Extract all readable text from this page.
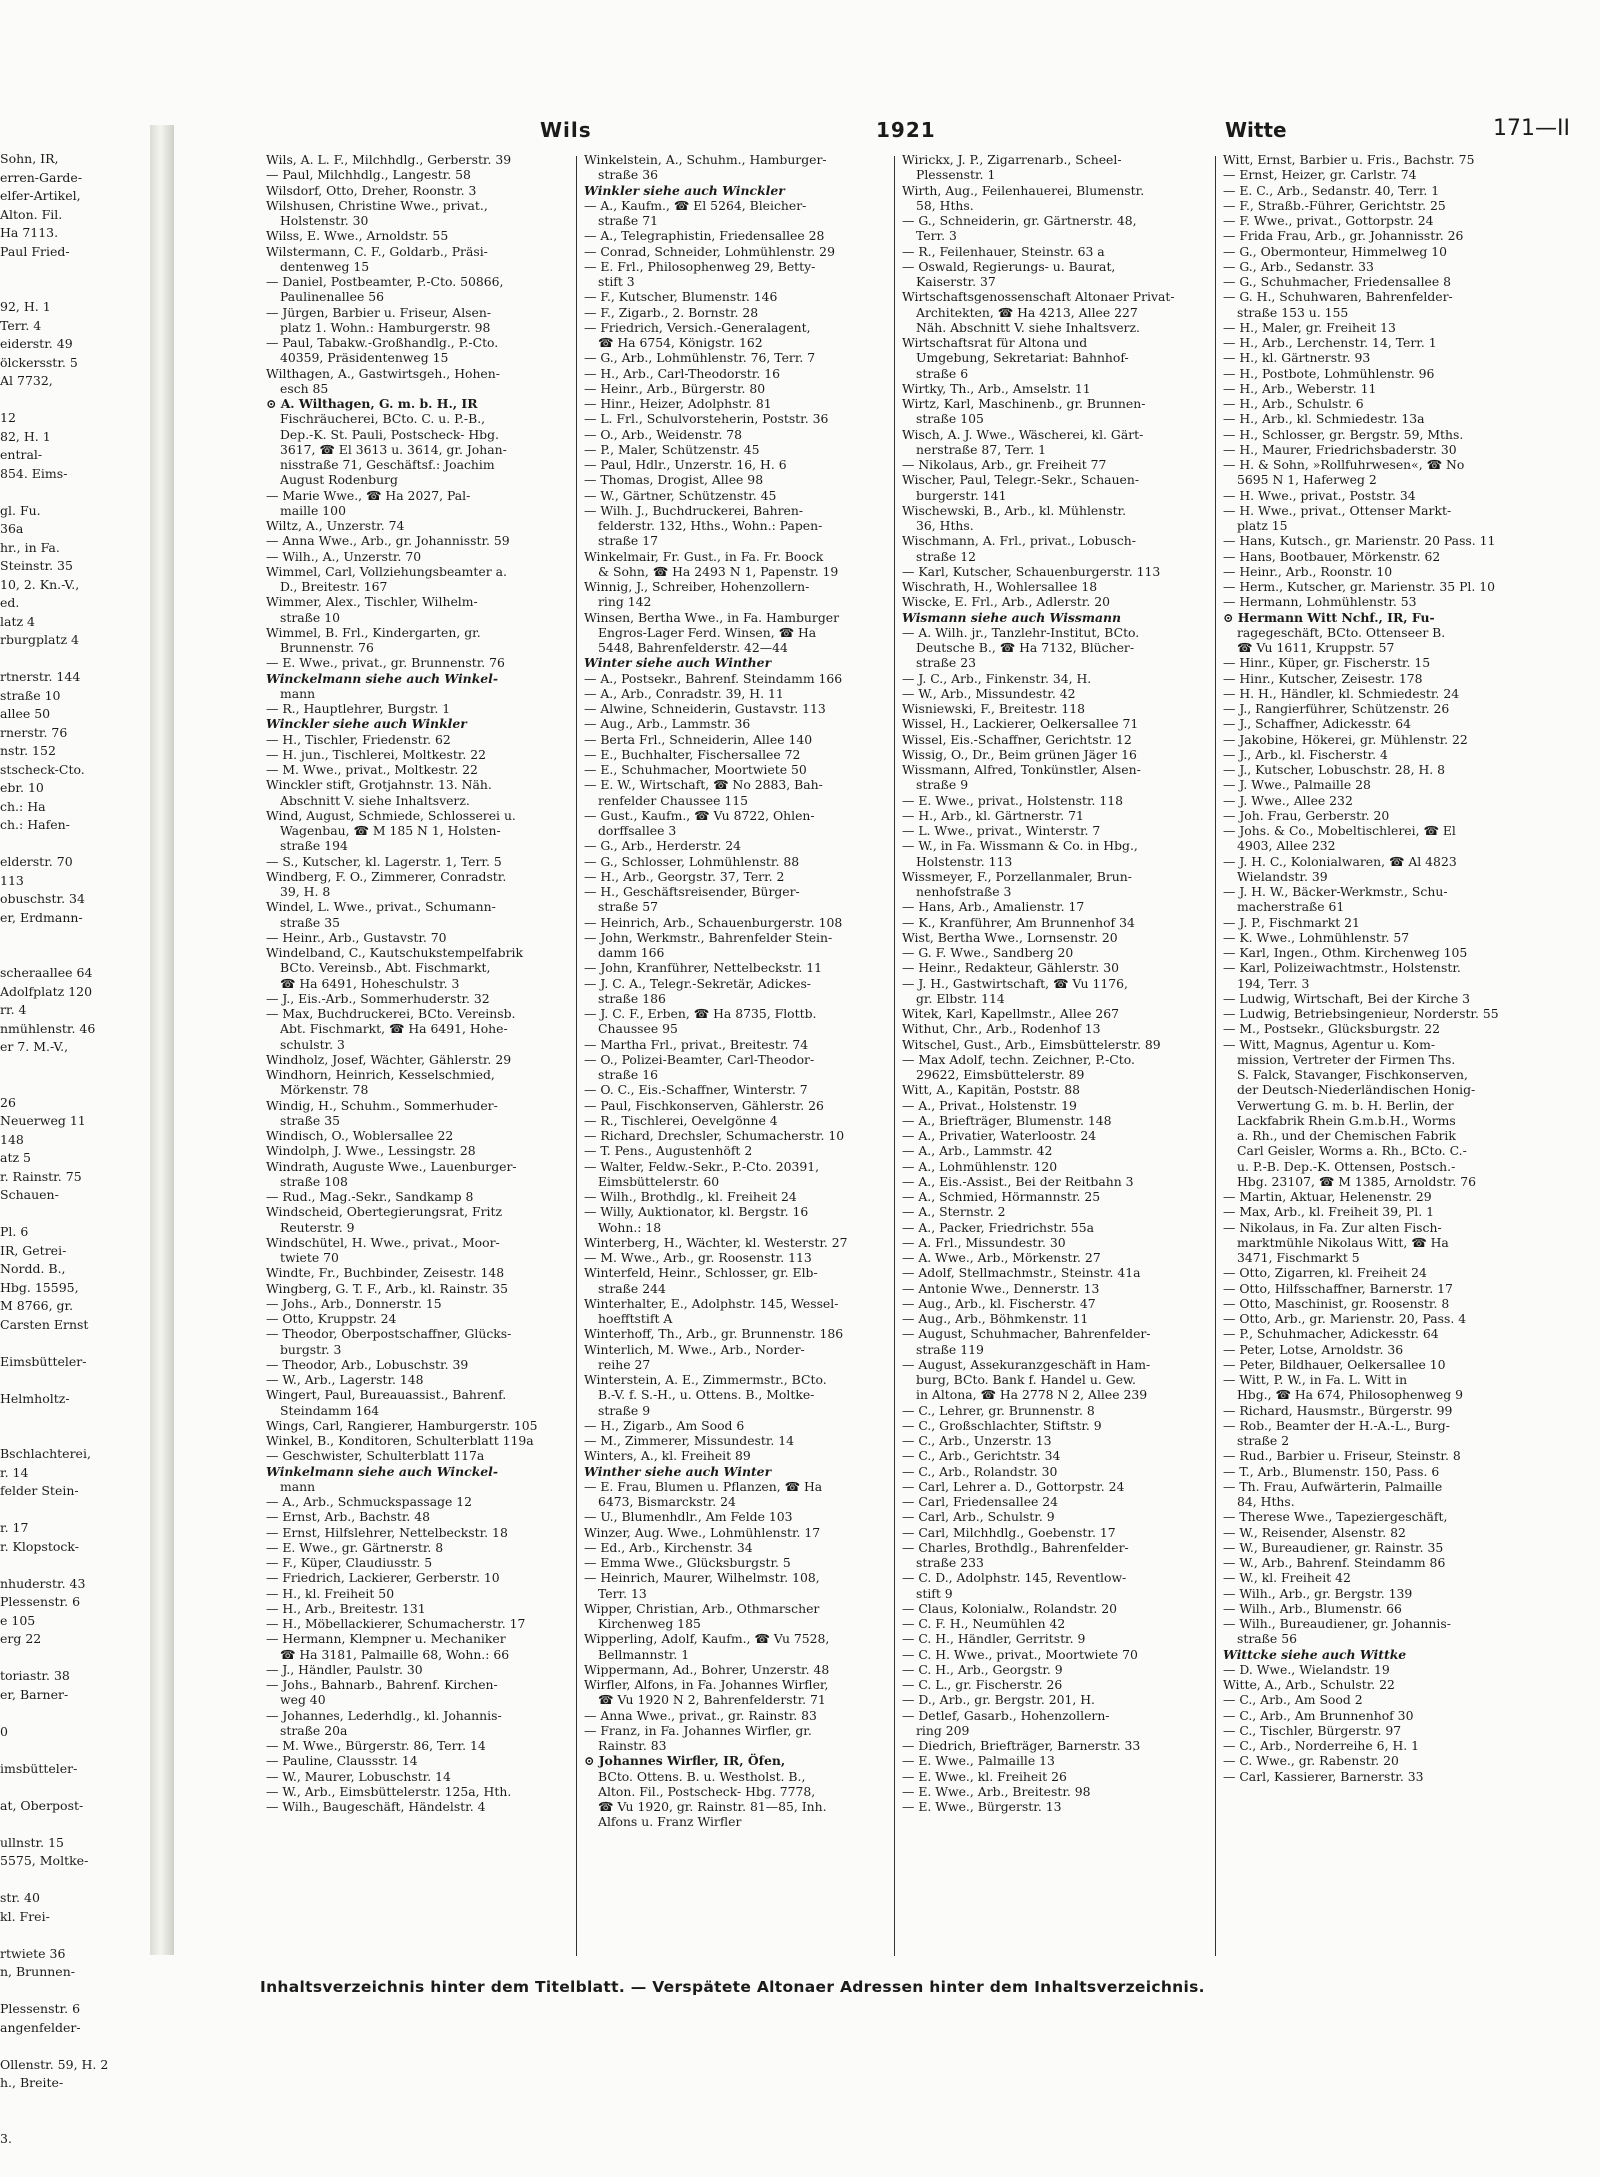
Sohn, IR,
erren-Garde-
elfer-Artikel,
Alton. Fil.
Ha 7113.
Paul Fried-

92, H. 1
Terr. 4
eiderstr. 49
ölckersstr. 5
Al 7732,

12
82, H. 1
entral-
854. Eims-

gl. Fu.
36a
hr., in Fa.
Steinstr. 35
10, 2. Kn.-V.,
ed.
latz 4
rburgplatz 4

rtnerstr. 144
straße 10
allee 50
rnerstr. 76
nstr. 152
stscheck-Cto.
ebr. 10
ch.: Ha
ch.: Hafen-

elderstr. 70
113
obuschstr. 34
er, Erdmann-

scheraallee 64
Adolfplatz 120
rr. 4
nmühlenstr. 46
er 7. M.-V.,

26
Neuerweg 11
148
atz 5
r. Rainstr. 75
Schauen-

Pl. 6
IR, Getrei-
Nordd. B.,
Hbg. 15595,
M 8766, gr.
Carsten Ernst

Eimsbütteler-

Helmholtz-

Bschlachterei,
r. 14
felder Stein-

r. 17
r. Klopstock-

nhuderstr. 43
Plessenstr. 6
e 105
erg 22

toriastr. 38
er, Barner-

0

imsbütteler-

at, Oberpost-

ullnstr. 15
5575, Moltke-

str. 40
kl. Frei-

rtwiete 36
n, Brunnen-

Plessenstr. 6
angenfelder-

Ollenstr. 59, H. 2
h., Breite-

3.
Wils	1921	Witte	171—II
Wils, A. L. F., Milchhdlg., Gerberstr. 39
— Paul, Milchhdlg., Langestr. 58
Wilsdorf, Otto, Dreher, Roonstr. 3
Wilshusen, Christine Wwe., privat.,
Holstenstr. 30
Wilss, E. Wwe., Arnoldstr. 55
Wilstermann, C. F., Goldarb., Präsi-
dentenweg 15
— Daniel, Postbeamter, P.-Cto. 50866,
Paulinenallee 56
— Jürgen, Barbier u. Friseur, Alsen-
platz 1. Wohn.: Hamburgerstr. 98
— Paul, Tabakw.-Großhandlg., P.-Cto.
40359, Präsidentenweg 15
Wilthagen, A., Gastwirtsgeh., Hohen-
esch 85
⊙ A. Wilthagen, G. m. b. H., IR
Fischräucherei, BCto. C. u. P.-B.,
Dep.-K. St. Pauli, Postscheck- Hbg.
3617, ☎ El 3613 u. 3614, gr. Johan-
nisstraße 71, Geschäftsf.: Joachim
August Rodenburg
— Marie Wwe., ☎ Ha 2027, Pal-
maille 100
Wiltz, A., Unzerstr. 74
— Anna Wwe., Arb., gr. Johannisstr. 59
— Wilh., A., Unzerstr. 70
Wimmel, Carl, Vollziehungsbeamter a.
D., Breitestr. 167
Wimmer, Alex., Tischler, Wilhelm-
straße 10
Wimmel, B. Frl., Kindergarten, gr.
Brunnenstr. 76
— E. Wwe., privat., gr. Brunnenstr. 76
Winckelmann siehe auch Winkel-
mann
— R., Hauptlehrer, Burgstr. 1
Winckler siehe auch Winkler
— H., Tischler, Friedenstr. 62
— H. jun., Tischlerei, Moltkestr. 22
— M. Wwe., privat., Moltkestr. 22
Winckler stift, Grotjahnstr. 13. Näh.
Abschnitt V. siehe Inhaltsverz.
Wind, August, Schmiede, Schlosserei u.
Wagenbau, ☎ M 185 N 1, Holsten-
straße 194
— S., Kutscher, kl. Lagerstr. 1, Terr. 5
Windberg, F. O., Zimmerer, Conradstr.
39, H. 8
Windel, L. Wwe., privat., Schumann-
straße 35
— Heinr., Arb., Gustavstr. 70
Windelband, C., Kautschukstempelfabrik
BCto. Vereinsb., Abt. Fischmarkt,
☎ Ha 6491, Hoheschulstr. 3
— J., Eis.-Arb., Sommerhuderstr. 32
— Max, Buchdruckerei, BCto. Vereinsb.
Abt. Fischmarkt, ☎ Ha 6491, Hohe-
schulstr. 3
Windholz, Josef, Wächter, Gählerstr. 29
Windhorn, Heinrich, Kesselschmied,
Mörkenstr. 78
Windig, H., Schuhm., Sommerhuder-
straße 35
Windisch, O., Woblersallee 22
Windolph, J. Wwe., Lessingstr. 28
Windrath, Auguste Wwe., Lauenburger-
straße 108
— Rud., Mag.-Sekr., Sandkamp 8
Windscheid, Obertegierungsrat, Fritz
Reuterstr. 9
Windschütel, H. Wwe., privat., Moor-
twiete 70
Windte, Fr., Buchbinder, Zeisestr. 148
Wingberg, G. T. F., Arb., kl. Rainstr. 35
— Johs., Arb., Donnerstr. 15
— Otto, Kruppstr. 24
— Theodor, Oberpostschaffner, Glücks-
burgstr. 3
— Theodor, Arb., Lobuschstr. 39
— W., Arb., Lagerstr. 148
Wingert, Paul, Bureauassist., Bahrenf.
Steindamm 164
Wings, Carl, Rangierer, Hamburgerstr. 105
Winkel, B., Konditoren, Schulterblatt 119a
— Geschwister, Schulterblatt 117a
Winkelmann siehe auch Winckel-
mann
— A., Arb., Schmuckspassage 12
— Ernst, Arb., Bachstr. 48
— Ernst, Hilfslehrer, Nettelbeckstr. 18
— E. Wwe., gr. Gärtnerstr. 8
— F., Küper, Claudiusstr. 5
— Friedrich, Lackierer, Gerberstr. 10
— H., kl. Freiheit 50
— H., Arb., Breitestr. 131
— H., Möbellackierer, Schumacherstr. 17
— Hermann, Klempner u. Mechaniker
☎ Ha 3181, Palmaille 68, Wohn.: 66
— J., Händler, Paulstr. 30
— Johs., Bahnarb., Bahrenf. Kirchen-
weg 40
— Johannes, Lederhdlg., kl. Johannis-
straße 20a
— M. Wwe., Bürgerstr. 86, Terr. 14
— Pauline, Claussstr. 14
— W., Maurer, Lobuschstr. 14
— W., Arb., Eimsbüttelerstr. 125a, Hth.
— Wilh., Baugeschäft, Händelstr. 4
Winkelstein, A., Schuhm., Hamburger-
straße 36
Winkler siehe auch Winckler
— A., Kaufm., ☎ El 5264, Bleicher-
straße 71
— A., Telegraphistin, Friedensallee 28
— Conrad, Schneider, Lohmühlenstr. 29
— E. Frl., Philosophenweg 29, Betty-
stift 3
— F., Kutscher, Blumenstr. 146
— F., Zigarb., 2. Bornstr. 28
— Friedrich, Versich.-Generalagent,
☎ Ha 6754, Königstr. 162
— G., Arb., Lohmühlenstr. 76, Terr. 7
— H., Arb., Carl-Theodorstr. 16
— Heinr., Arb., Bürgerstr. 80
— Hinr., Heizer, Adolphstr. 81
— L. Frl., Schulvorsteherin, Poststr. 36
— O., Arb., Weidenstr. 78
— P., Maler, Schützenstr. 45
— Paul, Hdlr., Unzerstr. 16, H. 6
— Thomas, Drogist, Allee 98
— W., Gärtner, Schützenstr. 45
— Wilh. J., Buchdruckerei, Bahren-
felderstr. 132, Hths., Wohn.: Papen-
straße 17
Winkelmair, Fr. Gust., in Fa. Fr. Boock
& Sohn, ☎ Ha 2493 N 1, Papenstr. 19
Winnig, J., Schreiber, Hohenzollern-
ring 142
Winsen, Bertha Wwe., in Fa. Hamburger
Engros-Lager Ferd. Winsen, ☎ Ha
5448, Bahrenfelderstr. 42—44
Winter siehe auch Winther
— A., Postsekr., Bahrenf. Steindamm 166
— A., Arb., Conradstr. 39, H. 11
— Alwine, Schneiderin, Gustavstr. 113
— Aug., Arb., Lammstr. 36
— Berta Frl., Schneiderin, Allee 140
— E., Buchhalter, Fischersallee 72
— E., Schuhmacher, Moortwiete 50
— E. W., Wirtschaft, ☎ No 2883, Bah-
renfelder Chaussee 115
— Gust., Kaufm., ☎ Vu 8722, Ohlen-
dorffsallee 3
— G., Arb., Herderstr. 24
— G., Schlosser, Lohmühlenstr. 88
— H., Arb., Georgstr. 37, Terr. 2
— H., Geschäftsreisender, Bürger-
straße 57
— Heinrich, Arb., Schauenburgerstr. 108
— John, Werkmstr., Bahrenfelder Stein-
damm 166
— John, Kranführer, Nettelbeckstr. 11
— J. C. A., Telegr.-Sekretär, Adickes-
straße 186
— J. C. F., Erben, ☎ Ha 8735, Flottb.
Chaussee 95
— Martha Frl., privat., Breitestr. 74
— O., Polizei-Beamter, Carl-Theodor-
straße 16
— O. C., Eis.-Schaffner, Winterstr. 7
— Paul, Fischkonserven, Gählerstr. 26
— R., Tischlerei, Oevelgönne 4
— Richard, Drechsler, Schumacherstr. 10
— T. Pens., Augustenhöft 2
— Walter, Feldw.-Sekr., P.-Cto. 20391,
Eimsbüttelerstr. 60
— Wilh., Brothdlg., kl. Freiheit 24
— Willy, Auktionator, kl. Bergstr. 16
Wohn.: 18
Winterberg, H., Wächter, kl. Westerstr. 27
— M. Wwe., Arb., gr. Roosenstr. 113
Winterfeld, Heinr., Schlosser, gr. Elb-
straße 244
Winterhalter, E., Adolphstr. 145, Wessel-
hoefftstift A
Winterhoff, Th., Arb., gr. Brunnenstr. 186
Winterlich, M. Wwe., Arb., Norder-
reihe 27
Winterstein, A. E., Zimmermstr., BCto.
B.-V. f. S.-H., u. Ottens. B., Moltke-
straße 9
— H., Zigarb., Am Sood 6
— M., Zimmerer, Missundestr. 14
Winters, A., kl. Freiheit 89
Winther siehe auch Winter
— E. Frau, Blumen u. Pflanzen, ☎ Ha
6473, Bismarckstr. 24
— U., Blumenhdlr., Am Felde 103
Winzer, Aug. Wwe., Lohmühlenstr. 17
— Ed., Arb., Kirchenstr. 34
— Emma Wwe., Glücksburgstr. 5
— Heinrich, Maurer, Wilhelmstr. 108,
Terr. 13
Wipper, Christian, Arb., Othmarscher
Kirchenweg 185
Wipperling, Adolf, Kaufm., ☎ Vu 7528,
Bellmannstr. 1
Wippermann, Ad., Bohrer, Unzerstr. 48
Wirfler, Alfons, in Fa. Johannes Wirfler,
☎ Vu 1920 N 2, Bahrenfelderstr. 71
— Anna Wwe., privat., gr. Rainstr. 83
— Franz, in Fa. Johannes Wirfler, gr.
Rainstr. 83
⊙ Johannes Wirfler, IR, Öfen,
BCto. Ottens. B. u. Westholst. B.,
Alton. Fil., Postscheck- Hbg. 7778,
☎ Vu 1920, gr. Rainstr. 81—85, Inh.
Alfons u. Franz Wirfler
Wirickx, J. P., Zigarrenarb., Scheel-
Plessenstr. 1
Wirth, Aug., Feilenhauerei, Blumenstr.
58, Hths.
— G., Schneiderin, gr. Gärtnerstr. 48,
Terr. 3
— R., Feilenhauer, Steinstr. 63 a
— Oswald, Regierungs- u. Baurat,
Kaiserstr. 37
Wirtschaftsgenossenschaft Altonaer Privat-
Architekten, ☎ Ha 4213, Allee 227
Näh. Abschnitt V. siehe Inhaltsverz.
Wirtschaftsrat für Altona und
Umgebung, Sekretariat: Bahnhof-
straße 6
Wirtky, Th., Arb., Amselstr. 11
Wirtz, Karl, Maschinenb., gr. Brunnen-
straße 105
Wisch, A. J. Wwe., Wäscherei, kl. Gärt-
nerstraße 87, Terr. 1
— Nikolaus, Arb., gr. Freiheit 77
Wischer, Paul, Telegr.-Sekr., Schauen-
burgerstr. 141
Wischewski, B., Arb., kl. Mühlenstr.
36, Hths.
Wischmann, A. Frl., privat., Lobusch-
straße 12
— Karl, Kutscher, Schauenburgerstr. 113
Wischrath, H., Wohlersallee 18
Wiscke, E. Frl., Arb., Adlerstr. 20
Wismann siehe auch Wissmann
— A. Wilh. jr., Tanzlehr-Institut, BCto.
Deutsche B., ☎ Ha 7132, Blücher-
straße 23
— J. C., Arb., Finkenstr. 34, H.
— W., Arb., Missundestr. 42
Wisniewski, F., Breitestr. 118
Wissel, H., Lackierer, Oelkersallee 71
Wissel, Eis.-Schaffner, Gerichtstr. 12
Wissig, O., Dr., Beim grünen Jäger 16
Wissmann, Alfred, Tonkünstler, Alsen-
straße 9
— E. Wwe., privat., Holstenstr. 118
— H., Arb., kl. Gärtnerstr. 71
— L. Wwe., privat., Winterstr. 7
— W., in Fa. Wissmann & Co. in Hbg.,
Holstenstr. 113
Wissmeyer, F., Porzellanmaler, Brun-
nenhofstraße 3
— Hans, Arb., Amalienstr. 17
— K., Kranführer, Am Brunnenhof 34
Wist, Bertha Wwe., Lornsenstr. 20
— G. F. Wwe., Sandberg 20
— Heinr., Redakteur, Gählerstr. 30
— J. H., Gastwirtschaft, ☎ Vu 1176,
gr. Elbstr. 114
Witek, Karl, Kapellmstr., Allee 267
Withut, Chr., Arb., Rodenhof 13
Witschel, Gust., Arb., Eimsbüttelerstr. 89
— Max Adolf, techn. Zeichner, P.-Cto.
29622, Eimsbüttelerstr. 89
Witt, A., Kapitän, Poststr. 88
— A., Privat., Holstenstr. 19
— A., Briefträger, Blumenstr. 148
— A., Privatier, Waterloostr. 24
— A., Arb., Lammstr. 42
— A., Lohmühlenstr. 120
— A., Eis.-Assist., Bei der Reitbahn 3
— A., Schmied, Hörmannstr. 25
— A., Sternstr. 2
— A., Packer, Friedrichstr. 55a
— A. Frl., Missundestr. 30
— A. Wwe., Arb., Mörkenstr. 27
— Adolf, Stellmachmstr., Steinstr. 41a
— Antonie Wwe., Dennerstr. 13
— Aug., Arb., kl. Fischerstr. 47
— Aug., Arb., Böhmkenstr. 11
— August, Schuhmacher, Bahrenfelder-
straße 119
— August, Assekuranzgeschäft in Ham-
burg, BCto. Bank f. Handel u. Gew.
in Altona, ☎ Ha 2778 N 2, Allee 239
— C., Lehrer, gr. Brunnenstr. 8
— C., Großschlachter, Stiftstr. 9
— C., Arb., Unzerstr. 13
— C., Arb., Gerichtstr. 34
— C., Arb., Rolandstr. 30
— Carl, Lehrer a. D., Gottorpstr. 24
— Carl, Friedensallee 24
— Carl, Arb., Schulstr. 9
— Carl, Milchhdlg., Goebenstr. 17
— Charles, Brothdlg., Bahrenfelder-
straße 233
— C. D., Adolphstr. 145, Reventlow-
stift 9
— Claus, Kolonialw., Rolandstr. 20
— C. F. H., Neumühlen 42
— C. H., Händler, Gerritstr. 9
— C. H. Wwe., privat., Moortwiete 70
— C. H., Arb., Georgstr. 9
— C. L., gr. Fischerstr. 26
— D., Arb., gr. Bergstr. 201, H.
— Detlef, Gasarb., Hohenzollern-
ring 209
— Diedrich, Briefträger, Barnerstr. 33
— E. Wwe., Palmaille 13
— E. Wwe., kl. Freiheit 26
— E. Wwe., Arb., Breitestr. 98
— E. Wwe., Bürgerstr. 13
Witt, Ernst, Barbier u. Fris., Bachstr. 75
— Ernst, Heizer, gr. Carlstr. 74
— E. C., Arb., Sedanstr. 40, Terr. 1
— F., Straßb.-Führer, Gerichtstr. 25
— F. Wwe., privat., Gottorpstr. 24
— Frida Frau, Arb., gr. Johannisstr. 26
— G., Obermonteur, Himmelweg 10
— G., Arb., Sedanstr. 33
— G., Schuhmacher, Friedensallee 8
— G. H., Schuhwaren, Bahrenfelder-
straße 153 u. 155
— H., Maler, gr. Freiheit 13
— H., Arb., Lerchenstr. 14, Terr. 1
— H., kl. Gärtnerstr. 93
— H., Postbote, Lohmühlenstr. 96
— H., Arb., Weberstr. 11
— H., Arb., Schulstr. 6
— H., Arb., kl. Schmiedestr. 13a
— H., Schlosser, gr. Bergstr. 59, Mths.
— H., Maurer, Friedrichsbaderstr. 30
— H. & Sohn, »Rollfuhrwesen«, ☎ No
5695 N 1, Haferweg 2
— H. Wwe., privat., Poststr. 34
— H. Wwe., privat., Ottenser Markt-
platz 15
— Hans, Kutsch., gr. Marienstr. 20 Pass. 11
— Hans, Bootbauer, Mörkenstr. 62
— Heinr., Arb., Roonstr. 10
— Herm., Kutscher, gr. Marienstr. 35 Pl. 10
— Hermann, Lohmühlenstr. 53
⊙ Hermann Witt Nchf., IR, Fu-
ragegeschäft, BCto. Ottenseer B.
☎ Vu 1611, Kruppstr. 57
— Hinr., Küper, gr. Fischerstr. 15
— Hinr., Kutscher, Zeisestr. 178
— H. H., Händler, kl. Schmiedestr. 24
— J., Rangierführer, Schützenstr. 26
— J., Schaffner, Adickesstr. 64
— Jakobine, Hökerei, gr. Mühlenstr. 22
— J., Arb., kl. Fischerstr. 4
— J., Kutscher, Lobuschstr. 28, H. 8
— J. Wwe., Palmaille 28
— J. Wwe., Allee 232
— Joh. Frau, Gerberstr. 20
— Johs. & Co., Mobeltischlerei, ☎ El
4903, Allee 232
— J. H. C., Kolonialwaren, ☎ Al 4823
Wielandstr. 39
— J. H. W., Bäcker-Werkmstr., Schu-
macherstraße 61
— J. P., Fischmarkt 21
— K. Wwe., Lohmühlenstr. 57
— Karl, Ingen., Othm. Kirchenweg 105
— Karl, Polizeiwachtmstr., Holstenstr.
194, Terr. 3
— Ludwig, Wirtschaft, Bei der Kirche 3
— Ludwig, Betriebsingenieur, Norderstr. 55
— M., Postsekr., Glücksburgstr. 22
— Witt, Magnus, Agentur u. Kom-
mission, Vertreter der Firmen Ths.
S. Falck, Stavanger, Fischkonserven,
der Deutsch-Niederländischen Honig-
Verwertung G. m. b. H. Berlin, der
Lackfabrik Rhein G.m.b.H., Worms
a. Rh., und der Chemischen Fabrik
Carl Geisler, Worms a. Rh., BCto. C.-
u. P.-B. Dep.-K. Ottensen, Postsch.-
Hbg. 23107, ☎ M 1385, Arnoldstr. 76
— Martin, Aktuar, Helenenstr. 29
— Max, Arb., kl. Freiheit 39, Pl. 1
— Nikolaus, in Fa. Zur alten Fisch-
marktmühle Nikolaus Witt, ☎ Ha
3471, Fischmarkt 5
— Otto, Zigarren, kl. Freiheit 24
— Otto, Hilfsschaffner, Barnerstr. 17
— Otto, Maschinist, gr. Roosenstr. 8
— Otto, Arb., gr. Marienstr. 20, Pass. 4
— P., Schuhmacher, Adickesstr. 64
— Peter, Lotse, Arnoldstr. 36
— Peter, Bildhauer, Oelkersallee 10
— Witt, P. W., in Fa. L. Witt in
Hbg., ☎ Ha 674, Philosophenweg 9
— Richard, Hausmstr., Bürgerstr. 99
— Rob., Beamter der H.-A.-L., Burg-
straße 2
— Rud., Barbier u. Friseur, Steinstr. 8
— T., Arb., Blumenstr. 150, Pass. 6
— Th. Frau, Aufwärterin, Palmaille
84, Hths.
— Therese Wwe., Tapeziergeschäft,
— W., Reisender, Alsenstr. 82
— W., Bureaudiener, gr. Rainstr. 35
— W., Arb., Bahrenf. Steindamm 86
— W., kl. Freiheit 42
— Wilh., Arb., gr. Bergstr. 139
— Wilh., Arb., Blumenstr. 66
— Wilh., Bureaudiener, gr. Johannis-
straße 56
Wittcke siehe auch Wittke
— D. Wwe., Wielandstr. 19
Witte, A., Arb., Schulstr. 22
— C., Arb., Am Sood 2
— C., Arb., Am Brunnenhof 30
— C., Tischler, Bürgerstr. 97
— C., Arb., Norderreihe 6, H. 1
— C. Wwe., gr. Rabenstr. 20
— Carl, Kassierer, Barnerstr. 33
Inhaltsverzeichnis hinter dem Titelblatt. — Verspätete Altonaer Adressen hinter dem Inhaltsverzeichnis.
